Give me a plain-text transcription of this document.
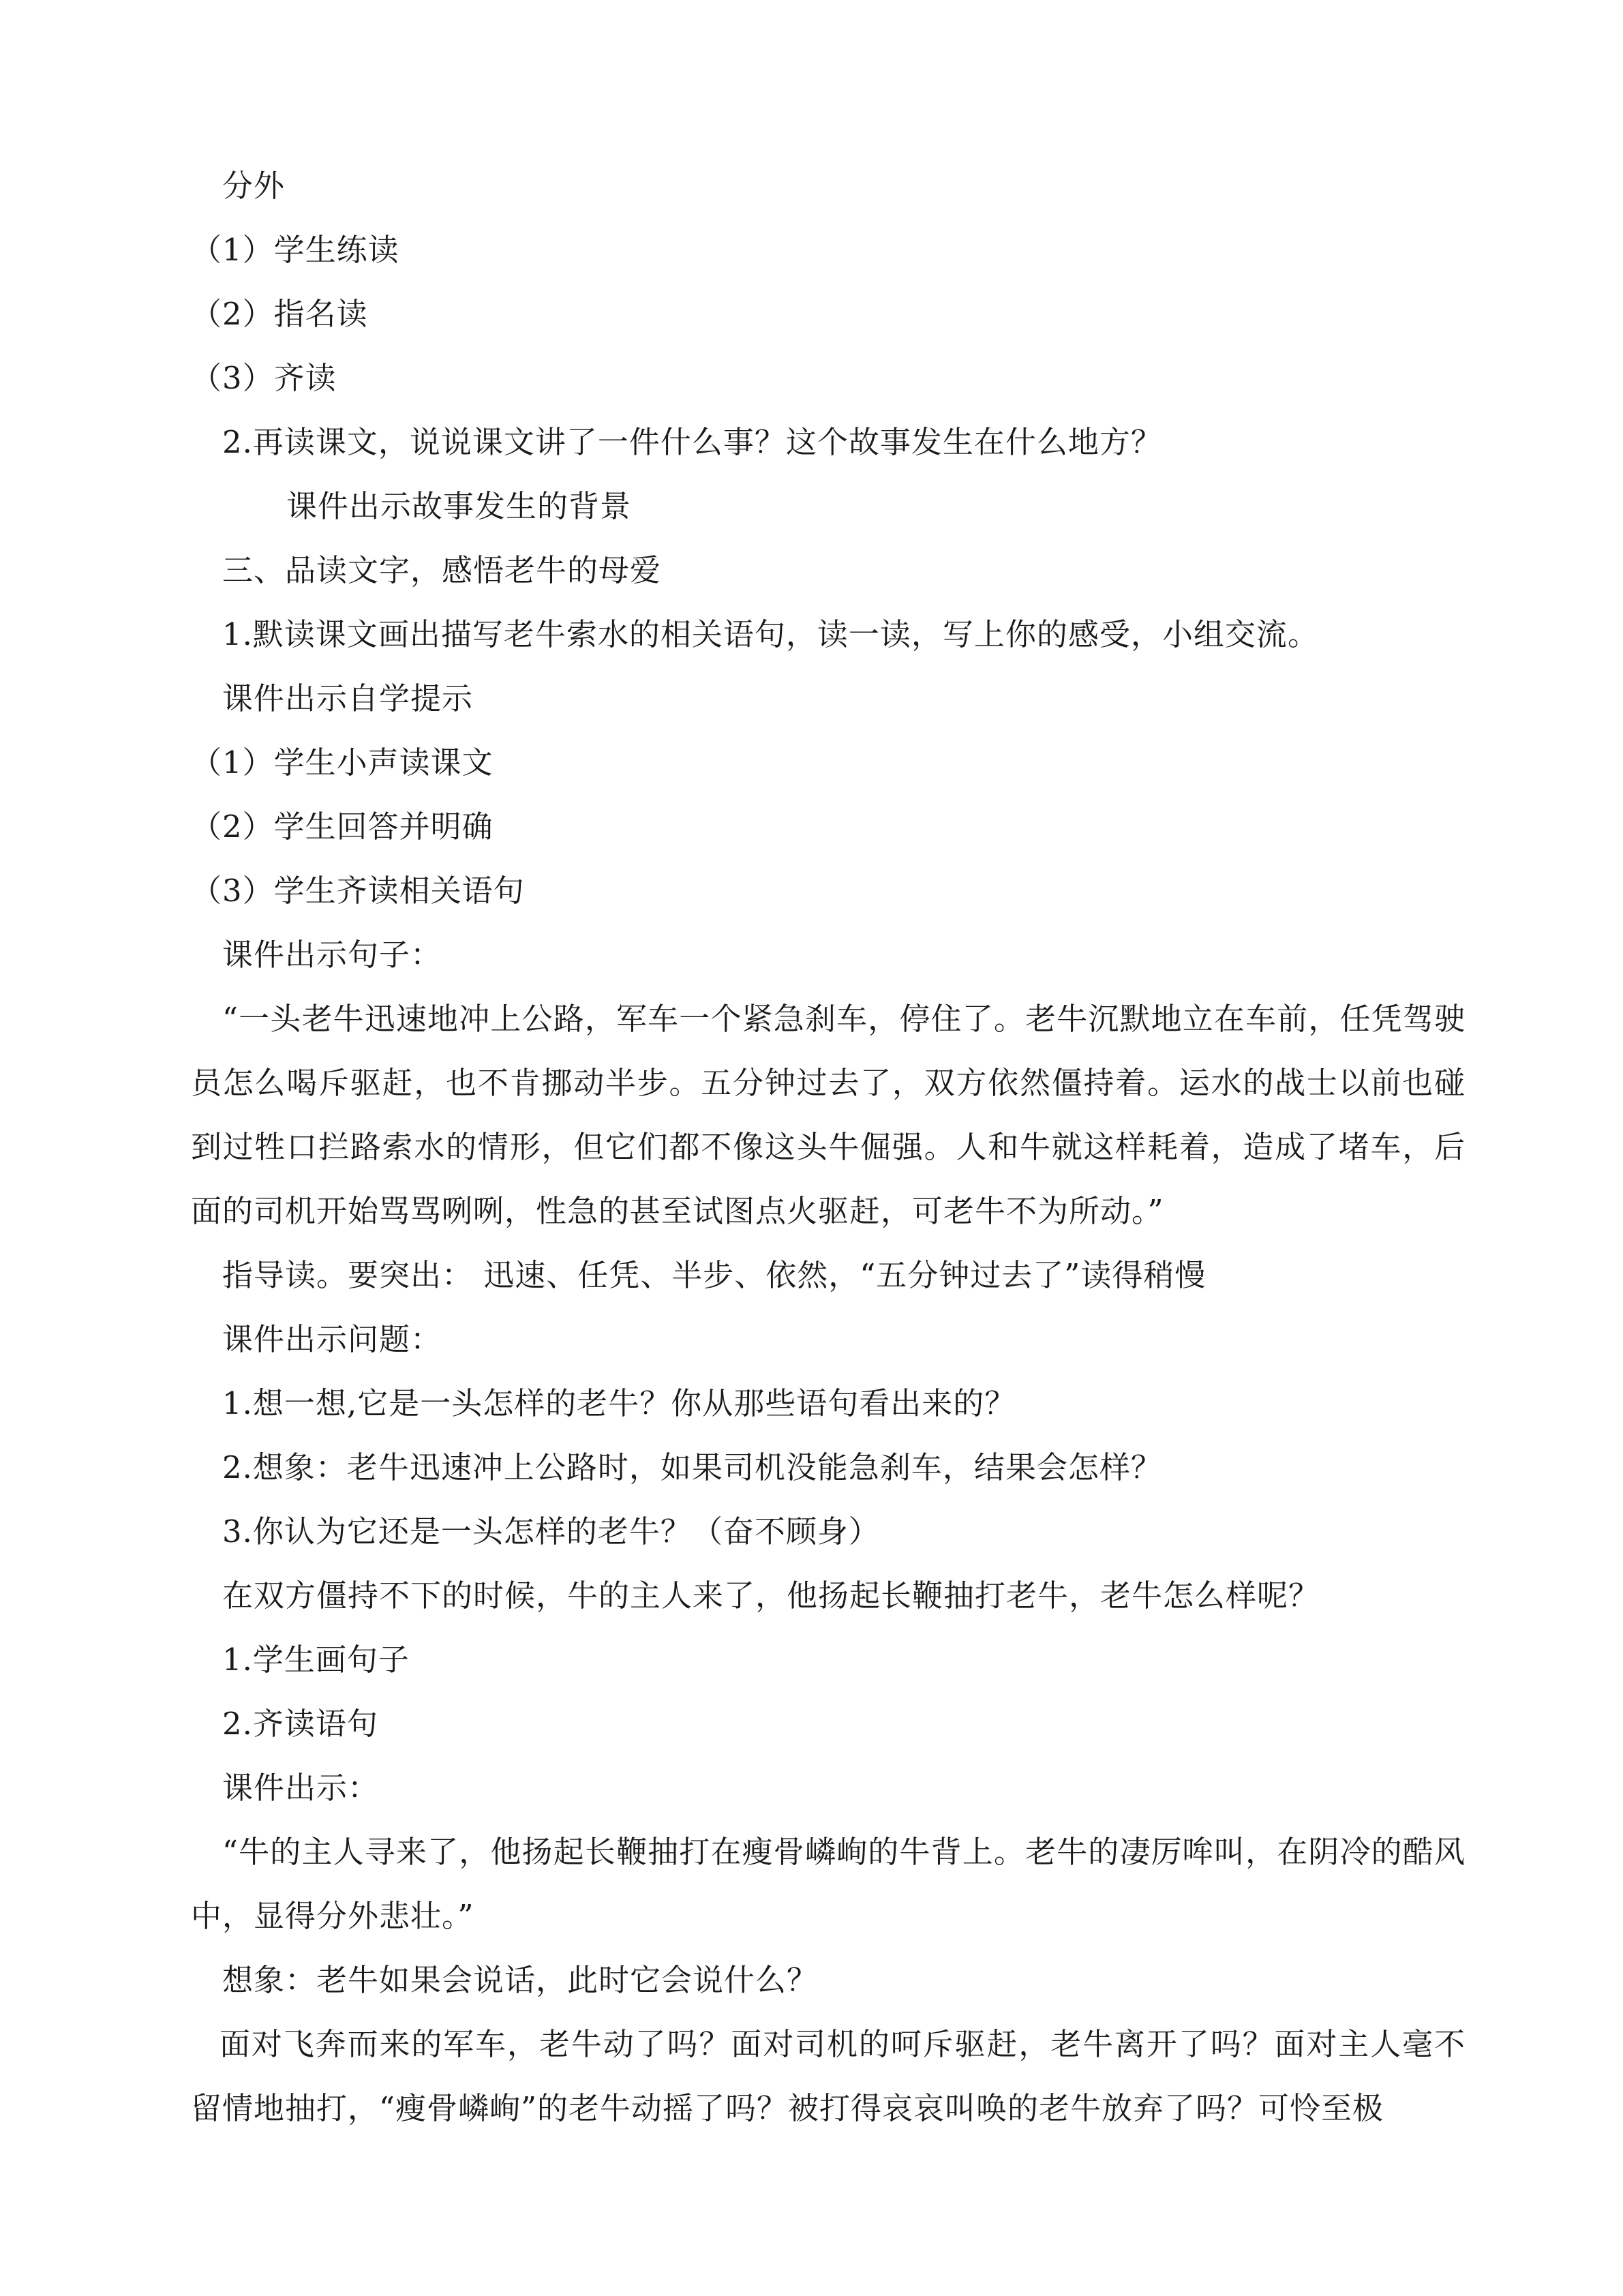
分外

（1）学生练读

（2）指名读

（3）齐读

2.再读课文，说说课文讲了一件什么事？这个故事发生在什么地方？

课件出示故事发生的背景

三、品读文字，感悟老牛的母爱

1.默读课文画出描写老牛索水的相关语句，读一读，写上你的感受，小组交流。

课件出示自学提示

（1）学生小声读课文

（2）学生回答并明确

（3）学生齐读相关语句

课件出示句子：

“一头老牛迅速地冲上公路，军车一个紧急刹车，停住了。老牛沉默地立在车前，任凭驾驶员怎么喝斥驱赶，也不肯挪动半步。五分钟过去了，双方依然僵持着。运水的战士以前也碰到过牲口拦路索水的情形，但它们都不像这头牛倔强。人和牛就这样耗着，造成了堵车，后面的司机开始骂骂咧咧，性急的甚至试图点火驱赶，可老牛不为所动。”

指导读。要突出： 迅速、任凭、半步、依然，“五分钟过去了”读得稍慢

课件出示问题：

1.想一想,它是一头怎样的老牛？你从那些语句看出来的？

2.想象：老牛迅速冲上公路时，如果司机没能急刹车，结果会怎样？

3.你认为它还是一头怎样的老牛？（奋不顾身）

在双方僵持不下的时候，牛的主人来了，他扬起长鞭抽打老牛，老牛怎么样呢？

1.学生画句子

2.齐读语句

课件出示：

“牛的主人寻来了，他扬起长鞭抽打在瘦骨嶙峋的牛背上。老牛的凄厉哞叫，在阴冷的酷风中，显得分外悲壮。”

想象：老牛如果会说话，此时它会说什么？

面对飞奔而来的军车，老牛动了吗？面对司机的呵斥驱赶，老牛离开了吗？面对主人毫不留情地抽打，“瘦骨嶙峋”的老牛动摇了吗？被打得哀哀叫唤的老牛放弃了吗？可怜至极
